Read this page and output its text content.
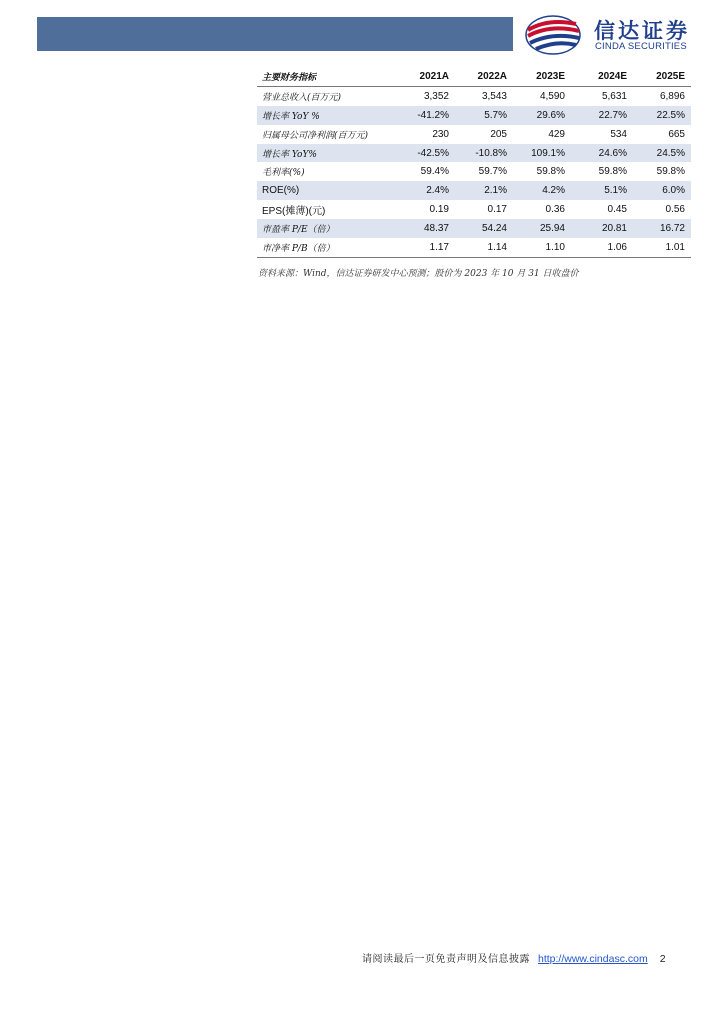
信达证券
CINDA SECURITIES
主要财务指标	2021A	2022A	2023E	2024E	2025E
营业总收入(百万元)	3,352	3,543	4,590	5,631	6,896
增长率 YoY %	-41.2%	5.7%	29.6%	22.7%	22.5%
归属母公司净利润(百万元)	230	205	429	534	665
增长率 YoY%	-42.5%	-10.8%	109.1%	24.6%	24.5%
毛利率(%)	59.4%	59.7%	59.8%	59.8%	59.8%
ROE(%)	2.4%	2.1%	4.2%	5.1%	6.0%
EPS(摊薄)(元)	0.19	0.17	0.36	0.45	0.56
市盈率 P/E（倍）	48.37	54.24	25.94	20.81	16.72
市净率 P/B（倍）	1.17	1.14	1.10	1.06	1.01
资料来源：Wind，信达证券研发中心预测；股价为 2023 年 10 月 31 日收盘价
请阅读最后一页免责声明及信息披露 http://www.cindasc.com 2
